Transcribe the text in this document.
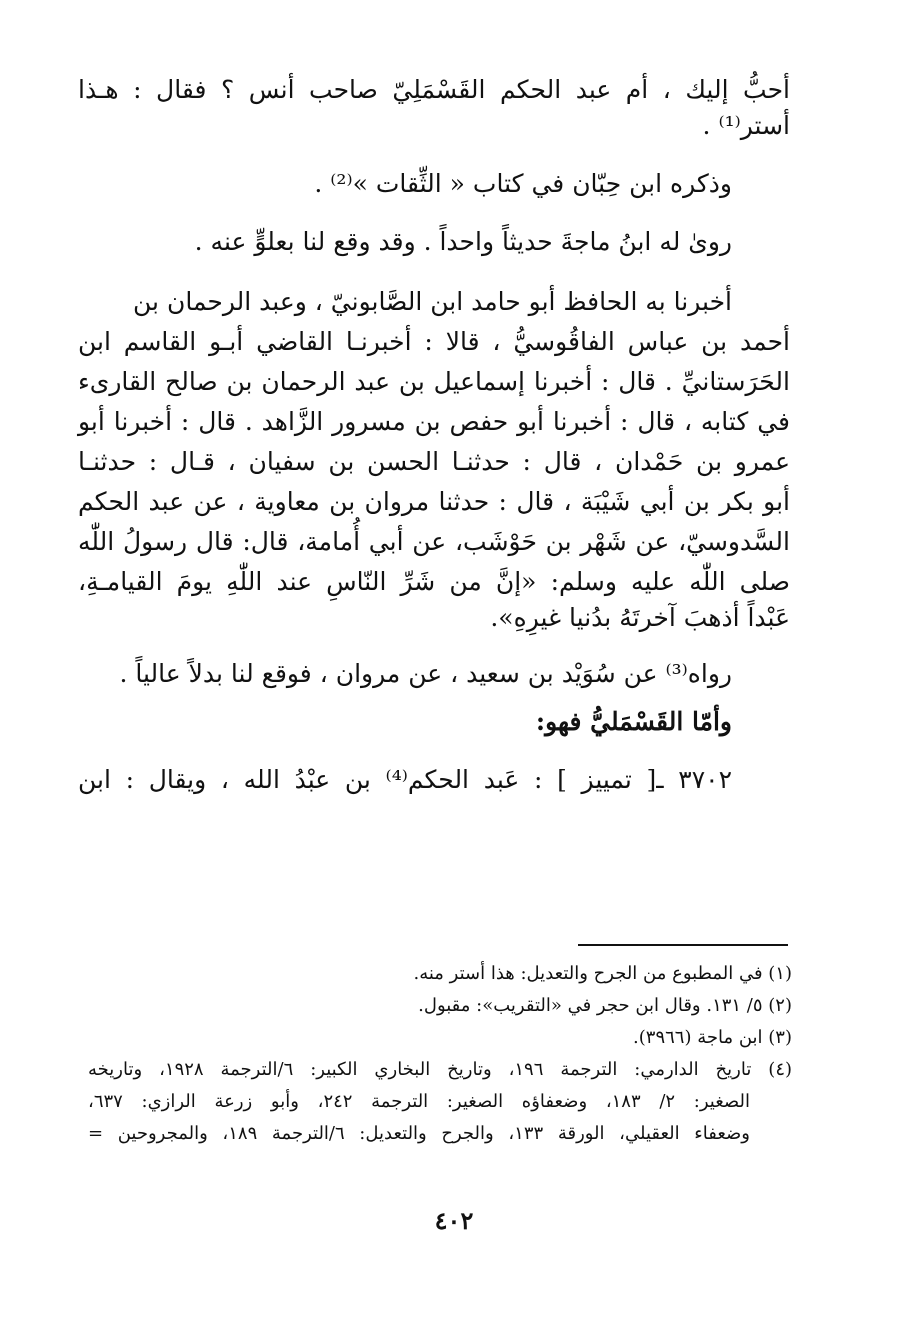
أحبُّ إليك ، أم عبد الحكم القَسْمَلِيّ صاحب أنس ؟ فقال : هـذا
أستر⁽¹⁾ .
وذكره ابن حِبّان في كتاب « الثِّقات »⁽²⁾ .
روىٰ له ابنُ ماجةَ حديثاً واحداً . وقد وقع لنا بعلوٍّ عنه .
أخبرنا به الحافظ أبو حامد ابن الصَّابونيّ ، وعبد الرحمان بن
أحمد بن عباس الفاقُوسيُّ ، قالا : أخبرنـا القاضي أبـو القاسم ابن
الحَرَستانيِّ . قال : أخبرنا إسماعيل بن عبد الرحمان بن صالح القارىء
في كتابه ، قال : أخبرنا أبو حفص بن مسرور الزَّاهد . قال : أخبرنا أبو
عمرو بن حَمْدان ، قال : حدثنـا الحسن بن سفيان ، قـال : حدثنـا
أبو بكر بن أبي شَيْبَة ، قال : حدثنا مروان بن معاوية ، عن عبد الحكم
السَّدوسيّ، عن شَهْر بن حَوْشَب، عن أبي أُمامة، قال: قال رسولُ اللّٰه
صلى اللّٰه عليه وسلم: «إنَّ من شَرِّ النّاسِ عند اللّٰهِ يومَ القيامـةِ،
عَبْداً أذهبَ آخرتَهُ بدُنيا غيرِهِ».
رواه⁽³⁾ عن سُوَيْد بن سعيد ، عن مروان ، فوقع لنا بدلاً عالياً .
وأمّا القَسْمَليُّ فهو:
٣٧٠٢ ـ[ تمييز ] : عَبد الحكم⁽⁴⁾ بن عبْدُ الله ، ويقال : ابن
(١) في المطبوع من الجرح والتعديل: هذا أستر منه.
(٢) ٥/ ١٣١. وقال ابن حجر في «التقريب»: مقبول.
(٣) ابن ماجة (٣٩٦٦).
(٤) تاريخ الدارمي: الترجمة ١٩٦، وتاريخ البخاري الكبير: ٦/الترجمة ١٩٢٨، وتاريخه
الصغير: ٢/ ١٨٣، وضعفاؤه الصغير: الترجمة ٢٤٢، وأبو زرعة الرازي: ٦٣٧،
وضعفاء العقيلي، الورقة ١٣٣، والجرح والتعديل: ٦/الترجمة ١٨٩، والمجروحين =
٤٠٢
